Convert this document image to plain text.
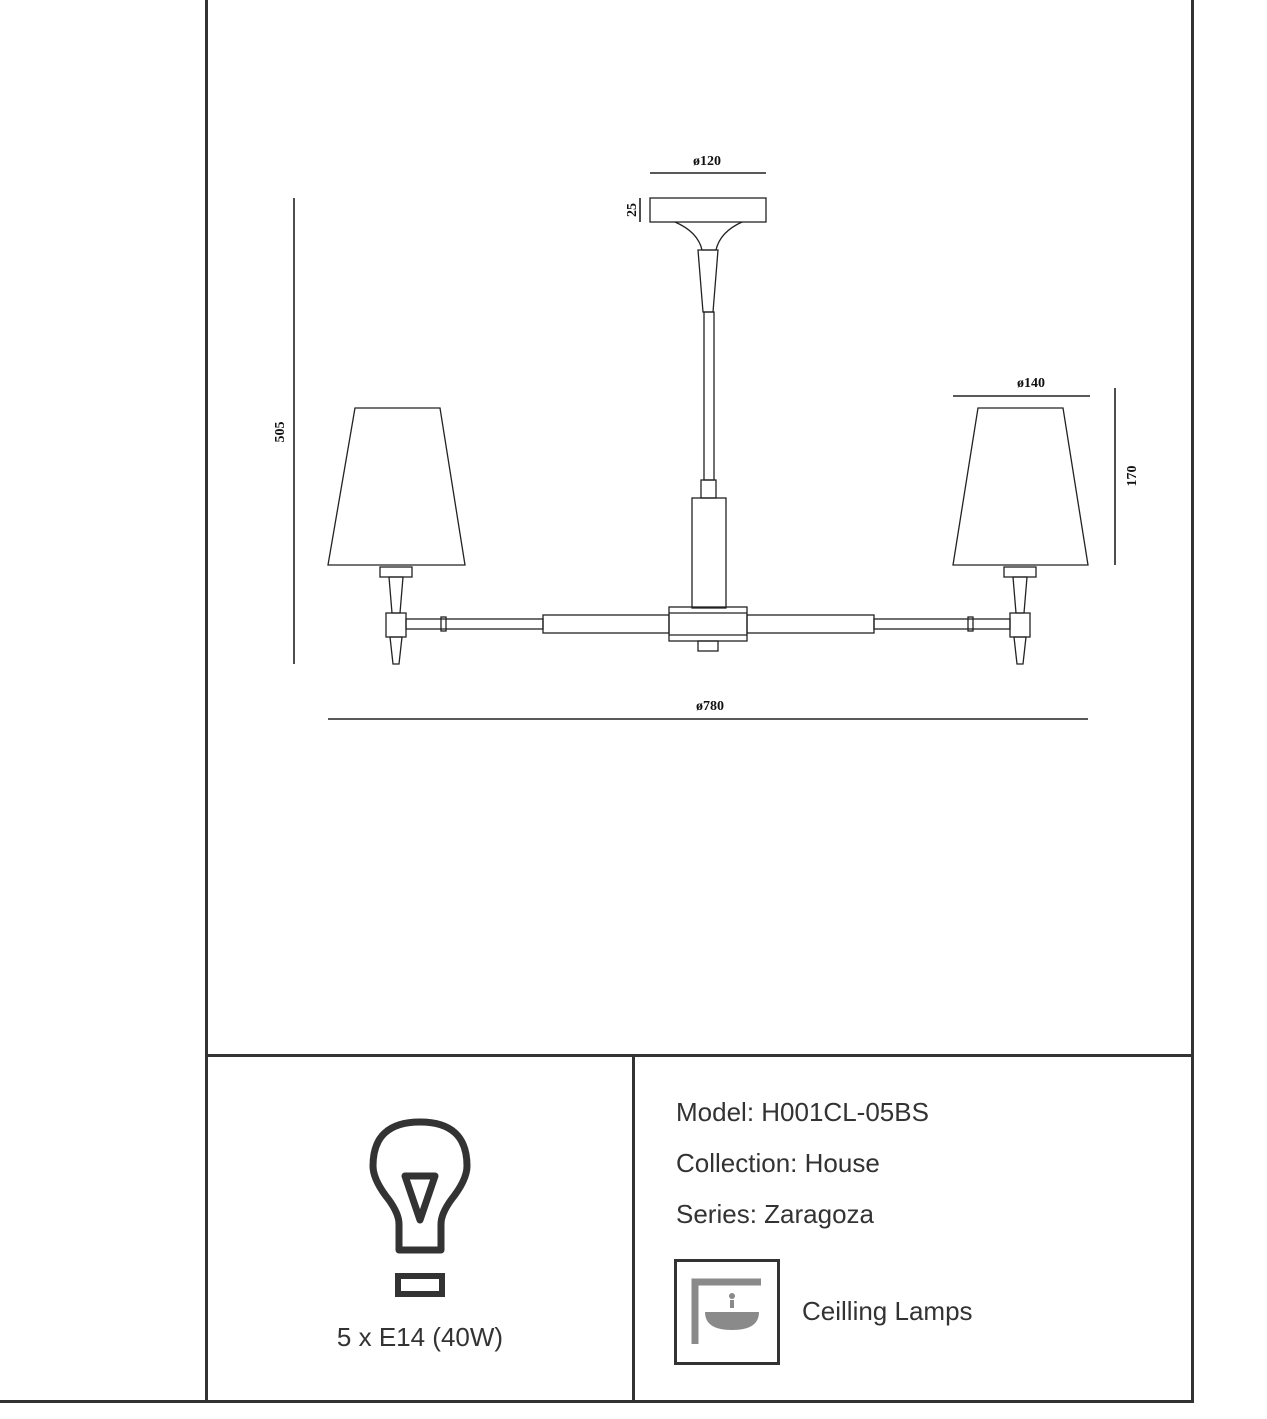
ø120
25
505
ø140
170
ø780
5 x E14 (40W)
Model: H001CL-05BS
Collection: House
Series: Zaragoza
Ceilling Lamps
